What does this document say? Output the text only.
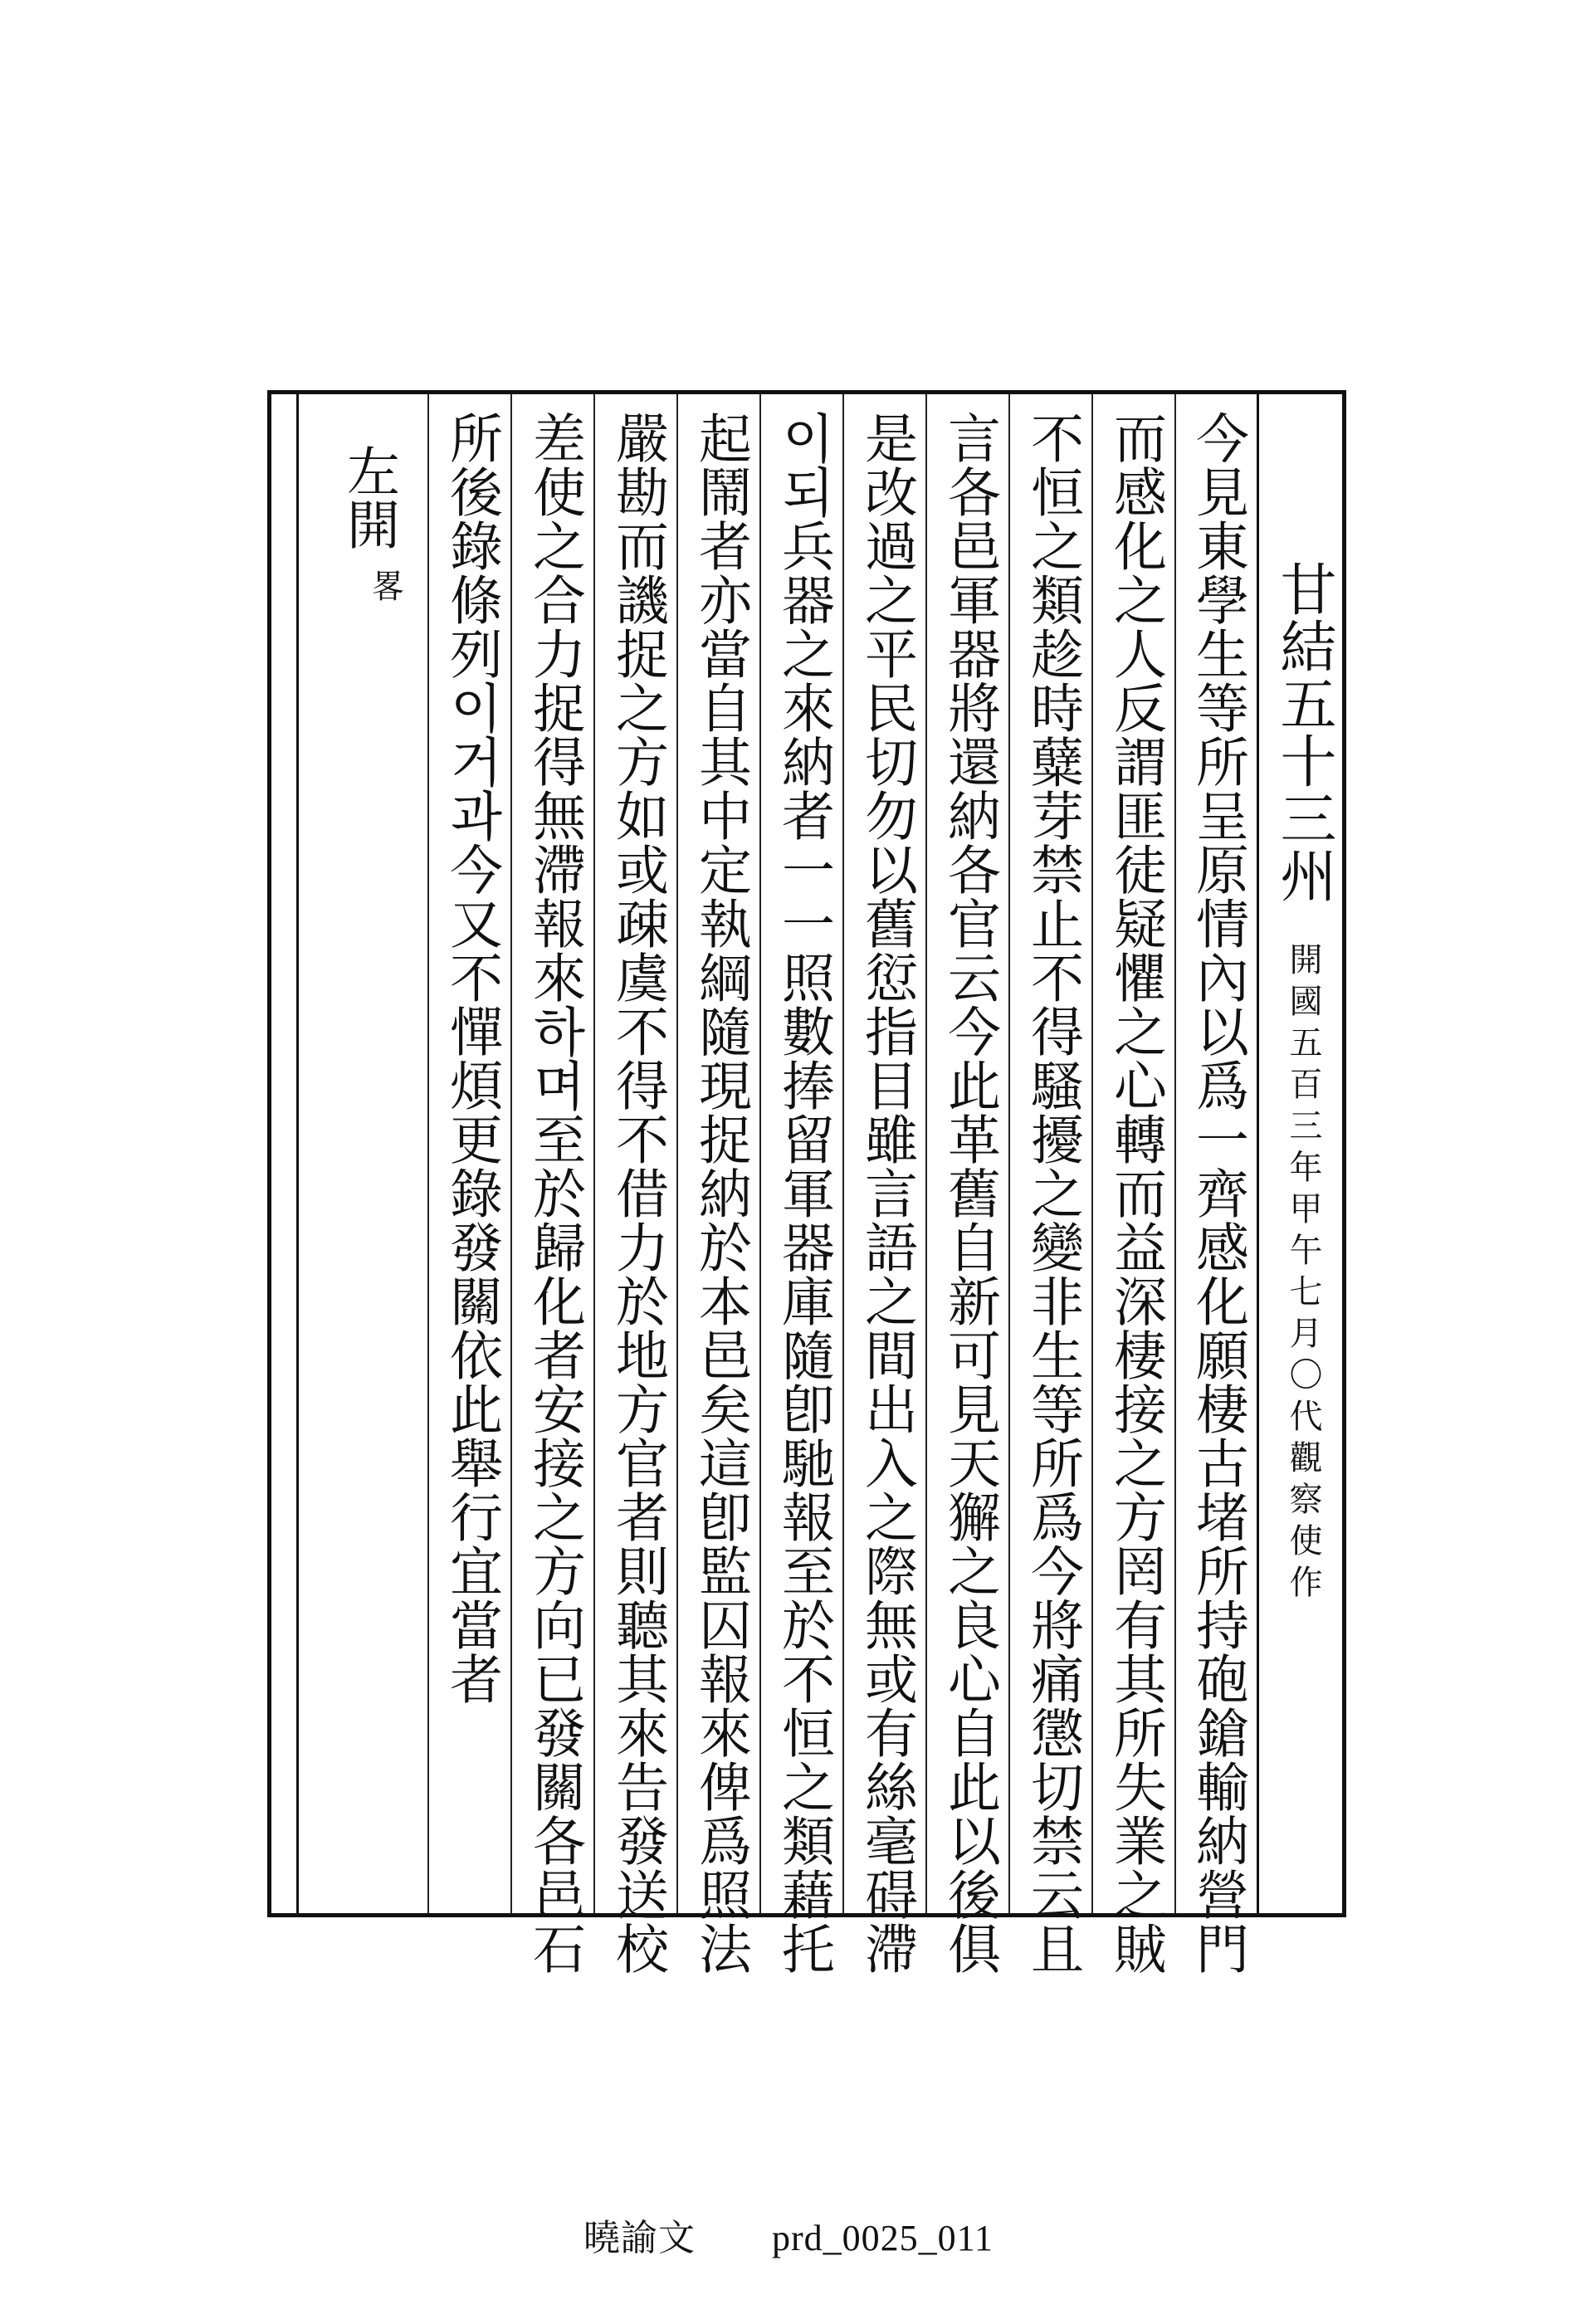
甘結五十三州
開國五百三年甲午七月〇代觀察使作
今見東學生等所呈原情內以爲一齊感化願棲古堵所持砲鎗輸納營門
而感化之人反謂匪徒疑懼之心轉而益深棲接之方罔有其所失業之賊
不恒之類趁時糵芽禁止不得騷擾之變非生等所爲今將痛懲切禁云且
言各邑軍器將還納各官云今此革舊自新可見天獬之良心自此以後俱
是改過之平民切勿以舊愆指目雖言語之間出入之際無或有絲毫碍滯
이되兵器之來納者一一照數捧留軍器庫隨卽馳報至於不恒之類藉托
起鬧者亦當自其中定執綱隨現捉納於本邑矣這卽監囚報來俾爲照法
嚴勘而譏捉之方如或疎虞不得不借力於地方官者則聽其來告發送校
差使之合力捉得無滯報來하며至於歸化者安接之方向已發關各邑石
所後錄條列이거과今又不憚煩更錄發關依此舉行宜當者
左開
畧
曉諭文 prd_0025_011
